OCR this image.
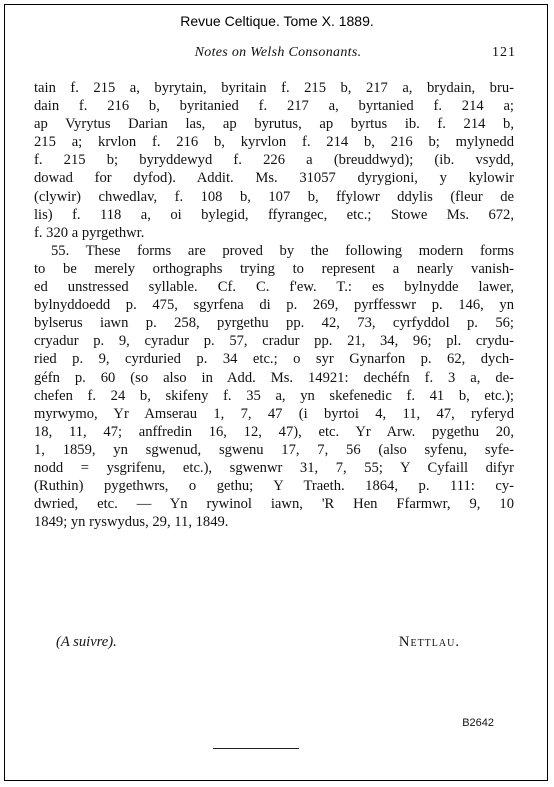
Revue Celtique. Tome X. 1889.
Notes on Welsh Consonants.	121
tain f. 215 a, byrytain, byritain f. 215 b, 217 a, brydain, bru-
dain f. 216 b, byritanied f. 217 a, byrtanied f. 214 a;
ap Vyrytus Darian las, ap byrutus, ap byrtus ib. f. 214 b,
215 a; krvlon f. 216 b, kyrvlon f. 214 b, 216 b; mylynedd
f. 215 b; byryddewyd f. 226 a (breuddwyd); (ib. vsydd,
dowad for dyfod). Addit. Ms. 31057 dyrygioni, y kylowir
(clywir) chwedlav, f. 108 b, 107 b, ffylowr ddylis (fleur de
lis) f. 118 a, oi bylegid, ffyrangec, etc.; Stowe Ms. 672,
f. 320 a pyrgethwr.
55. These forms are proved by the following modern forms
to be merely orthographs trying to represent a nearly vanish-
ed unstressed syllable. Cf. C. f'ew. T.: es bylnydde lawer,
bylnyddoedd p. 475, sgyrfena di p. 269, pyrffesswr p. 146, yn
bylserus iawn p. 258, pyrgethu pp. 42, 73, cyrfyddol p. 56;
cryadur p. 9, cyradur p. 57, cradur pp. 21, 34, 96; pl. crydu-
ried p. 9, cyrduried p. 34 etc.; o syr Gynarfon p. 62, dych-
géfn p. 60 (so also in Add. Ms. 14921: dechéfn f. 3 a, de-
chefen f. 24 b, skifeny f. 35 a, yn skefenedic f. 41 b, etc.);
myrwymo, Yr Amserau 1, 7, 47 (i byrtoi 4, 11, 47, ryferyd
18, 11, 47; anffredin 16, 12, 47), etc. Yr Arw. pygethu 20,
1, 1859, yn sgwenud, sgwenu 17, 7, 56 (also syfenu, syfe-
nodd = ysgrifenu, etc.), sgwenwr 31, 7, 55; Y Cyfaill difyr
(Ruthin) pygethwrs, o gethu; Y Traeth. 1864, p. 111: cy-
dwried, etc. — Yn rywinol iawn, 'R Hen Ffarmwr, 9, 10
1849; yn ryswydus, 29, 11, 1849.
(A suivre).	Nettlau.
B2642
